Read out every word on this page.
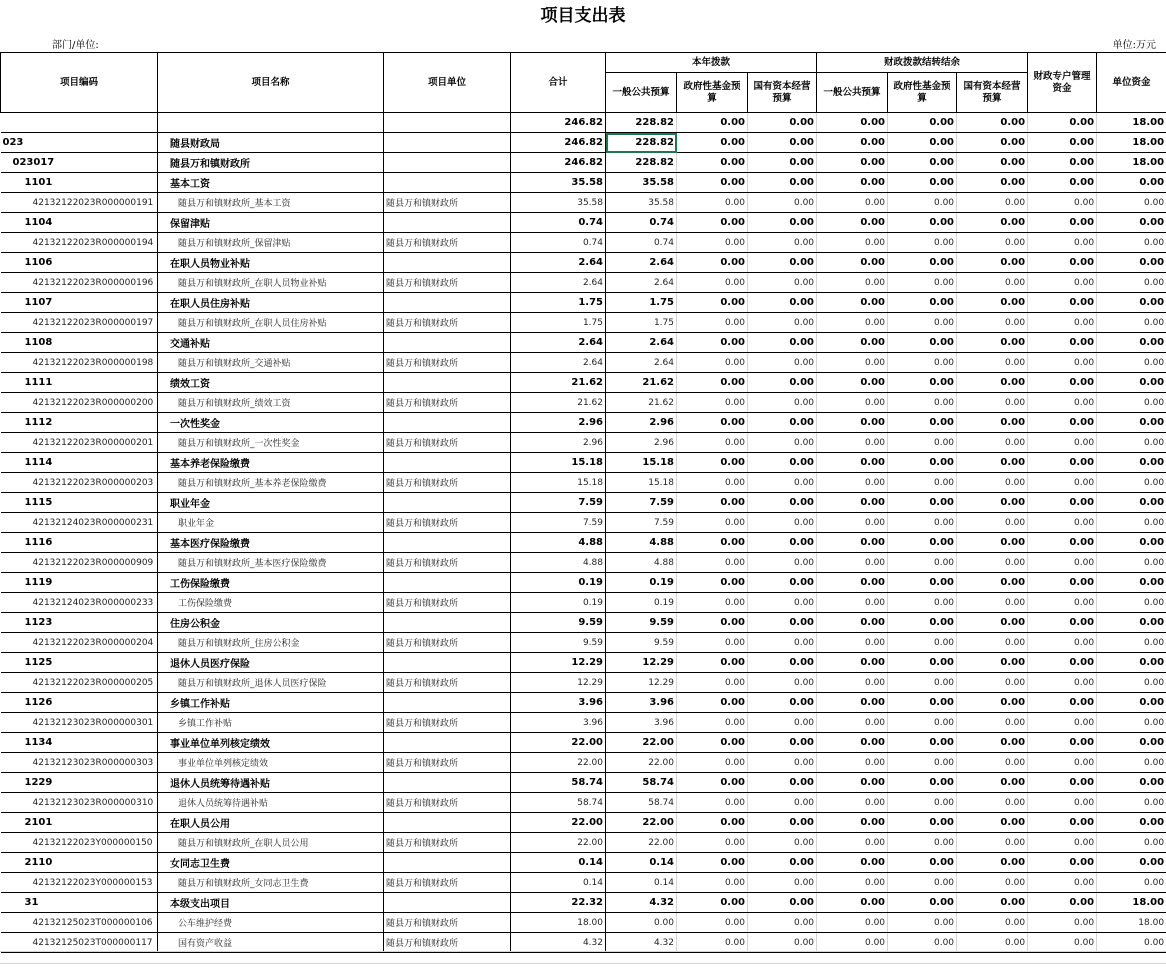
项目支出表
部门/单位:	单位:万元
项目编码	项目名称	项目单位	合计	本年拨款			财政拨款结转结余			财政专户管理资金	单位资金
				一般公共预算	政府性基金预算	国有资本经营预算	一般公共预算	政府性基金预算	国有资本经营预算		
			246.82	228.82	0.00	0.00	0.00	0.00	0.00	0.00	18.00
023	随县财政局		246.82	228.82	0.00	0.00	0.00	0.00	0.00	0.00	18.00
023017	随县万和镇财政所		246.82	228.82	0.00	0.00	0.00	0.00	0.00	0.00	18.00
1101	基本工资		35.58	35.58	0.00	0.00	0.00	0.00	0.00	0.00	0.00
42132122023R000000191	随县万和镇财政所_基本工资	随县万和镇财政所	35.58	35.58	0.00	0.00	0.00	0.00	0.00	0.00	0.00
1104	保留津贴		0.74	0.74	0.00	0.00	0.00	0.00	0.00	0.00	0.00
42132122023R000000194	随县万和镇财政所_保留津贴	随县万和镇财政所	0.74	0.74	0.00	0.00	0.00	0.00	0.00	0.00	0.00
1106	在职人员物业补贴		2.64	2.64	0.00	0.00	0.00	0.00	0.00	0.00	0.00
42132122023R000000196	随县万和镇财政所_在职人员物业补贴	随县万和镇财政所	2.64	2.64	0.00	0.00	0.00	0.00	0.00	0.00	0.00
1107	在职人员住房补贴		1.75	1.75	0.00	0.00	0.00	0.00	0.00	0.00	0.00
42132122023R000000197	随县万和镇财政所_在职人员住房补贴	随县万和镇财政所	1.75	1.75	0.00	0.00	0.00	0.00	0.00	0.00	0.00
1108	交通补贴		2.64	2.64	0.00	0.00	0.00	0.00	0.00	0.00	0.00
42132122023R000000198	随县万和镇财政所_交通补贴	随县万和镇财政所	2.64	2.64	0.00	0.00	0.00	0.00	0.00	0.00	0.00
1111	绩效工资		21.62	21.62	0.00	0.00	0.00	0.00	0.00	0.00	0.00
42132122023R000000200	随县万和镇财政所_绩效工资	随县万和镇财政所	21.62	21.62	0.00	0.00	0.00	0.00	0.00	0.00	0.00
1112	一次性奖金		2.96	2.96	0.00	0.00	0.00	0.00	0.00	0.00	0.00
42132122023R000000201	随县万和镇财政所_一次性奖金	随县万和镇财政所	2.96	2.96	0.00	0.00	0.00	0.00	0.00	0.00	0.00
1114	基本养老保险缴费		15.18	15.18	0.00	0.00	0.00	0.00	0.00	0.00	0.00
42132122023R000000203	随县万和镇财政所_基本养老保险缴费	随县万和镇财政所	15.18	15.18	0.00	0.00	0.00	0.00	0.00	0.00	0.00
1115	职业年金		7.59	7.59	0.00	0.00	0.00	0.00	0.00	0.00	0.00
42132124023R000000231	职业年金	随县万和镇财政所	7.59	7.59	0.00	0.00	0.00	0.00	0.00	0.00	0.00
1116	基本医疗保险缴费		4.88	4.88	0.00	0.00	0.00	0.00	0.00	0.00	0.00
42132122023R000000909	随县万和镇财政所_基本医疗保险缴费	随县万和镇财政所	4.88	4.88	0.00	0.00	0.00	0.00	0.00	0.00	0.00
1119	工伤保险缴费		0.19	0.19	0.00	0.00	0.00	0.00	0.00	0.00	0.00
42132124023R000000233	工伤保险缴费	随县万和镇财政所	0.19	0.19	0.00	0.00	0.00	0.00	0.00	0.00	0.00
1123	住房公积金		9.59	9.59	0.00	0.00	0.00	0.00	0.00	0.00	0.00
42132122023R000000204	随县万和镇财政所_住房公积金	随县万和镇财政所	9.59	9.59	0.00	0.00	0.00	0.00	0.00	0.00	0.00
1125	退休人员医疗保险		12.29	12.29	0.00	0.00	0.00	0.00	0.00	0.00	0.00
42132122023R000000205	随县万和镇财政所_退休人员医疗保险	随县万和镇财政所	12.29	12.29	0.00	0.00	0.00	0.00	0.00	0.00	0.00
1126	乡镇工作补贴		3.96	3.96	0.00	0.00	0.00	0.00	0.00	0.00	0.00
42132123023R000000301	乡镇工作补贴	随县万和镇财政所	3.96	3.96	0.00	0.00	0.00	0.00	0.00	0.00	0.00
1134	事业单位单列核定绩效		22.00	22.00	0.00	0.00	0.00	0.00	0.00	0.00	0.00
42132123023R000000303	事业单位单列核定绩效	随县万和镇财政所	22.00	22.00	0.00	0.00	0.00	0.00	0.00	0.00	0.00
1229	退休人员统筹待遇补贴		58.74	58.74	0.00	0.00	0.00	0.00	0.00	0.00	0.00
42132123023R000000310	退休人员统筹待遇补贴	随县万和镇财政所	58.74	58.74	0.00	0.00	0.00	0.00	0.00	0.00	0.00
2101	在职人员公用		22.00	22.00	0.00	0.00	0.00	0.00	0.00	0.00	0.00
42132122023Y000000150	随县万和镇财政所_在职人员公用	随县万和镇财政所	22.00	22.00	0.00	0.00	0.00	0.00	0.00	0.00	0.00
2110	女同志卫生费		0.14	0.14	0.00	0.00	0.00	0.00	0.00	0.00	0.00
42132122023Y000000153	随县万和镇财政所_女同志卫生费	随县万和镇财政所	0.14	0.14	0.00	0.00	0.00	0.00	0.00	0.00	0.00
31	本级支出项目		22.32	4.32	0.00	0.00	0.00	0.00	0.00	0.00	18.00
42132125023T000000106	公车维护经费	随县万和镇财政所	18.00	0.00	0.00	0.00	0.00	0.00	0.00	0.00	18.00
42132125023T000000117	国有资产收益	随县万和镇财政所	4.32	4.32	0.00	0.00	0.00	0.00	0.00	0.00	0.00
